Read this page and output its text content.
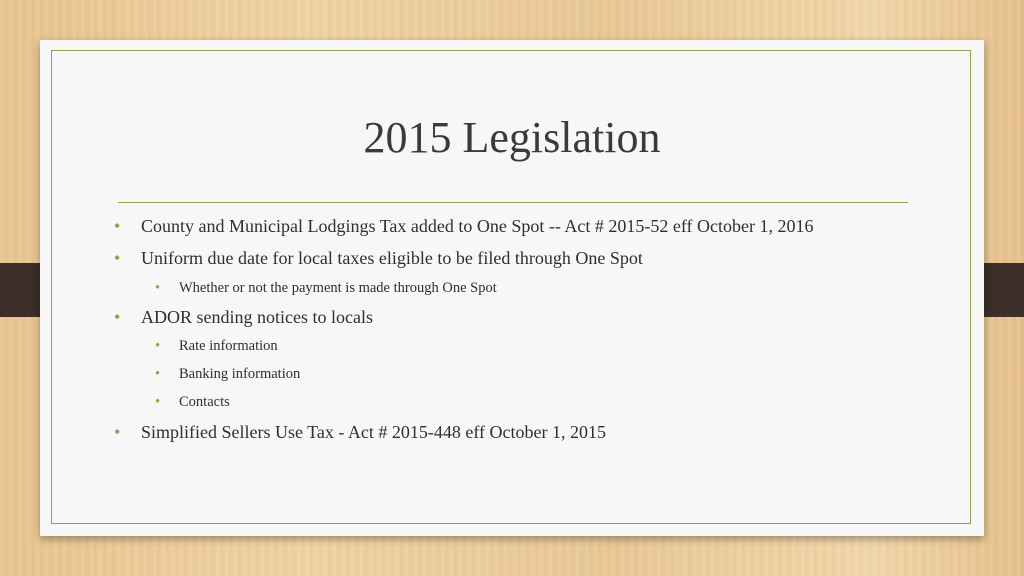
2015 Legislation
• County and Municipal Lodgings Tax added to One Spot -- Act # 2015-52 eff October 1, 2016
• Uniform due date for local taxes eligible to be filed through One Spot
• Whether or not the payment is made through One Spot
• ADOR sending notices to locals
• Rate information
• Banking information
• Contacts
• Simplified Sellers Use Tax - Act # 2015-448 eff October 1, 2015
